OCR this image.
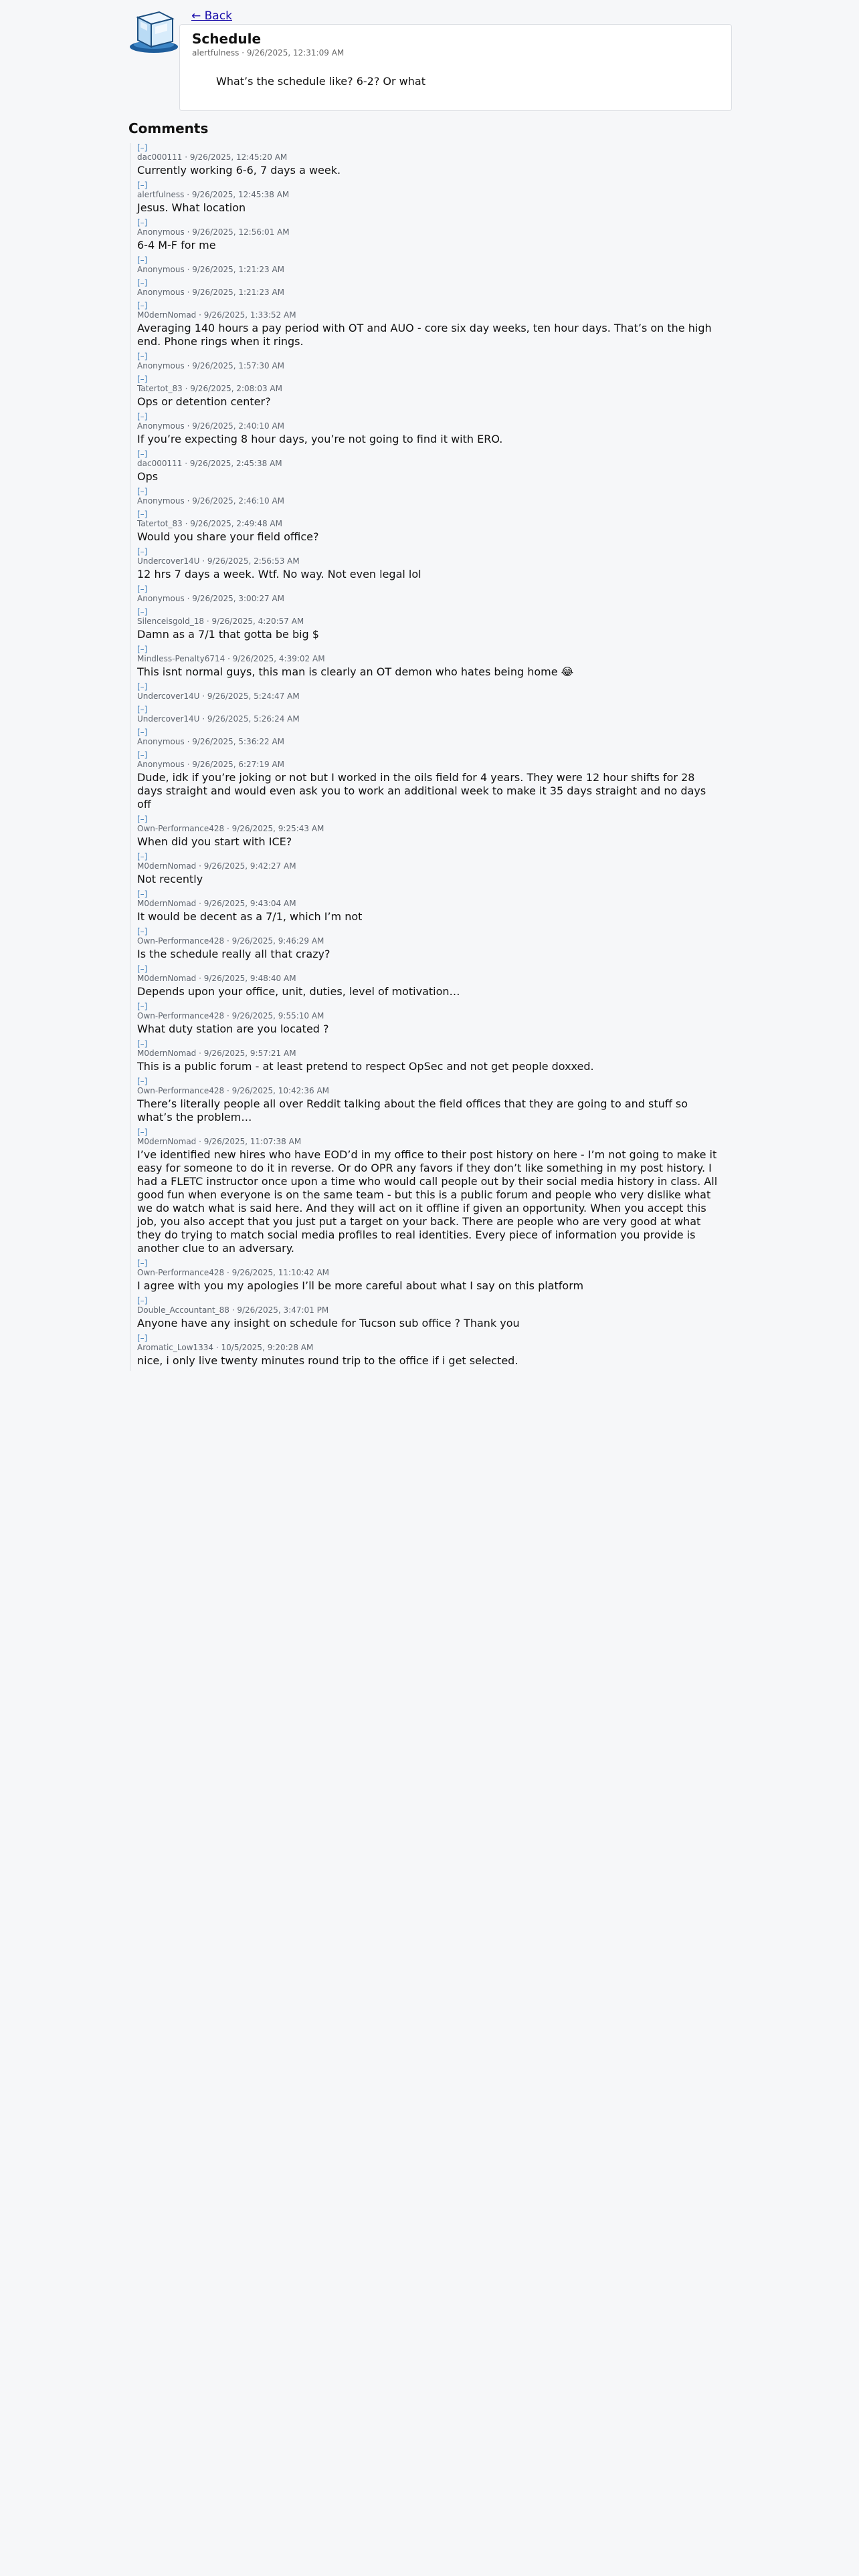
← Back
Schedule
alertfulness · 9/26/2025, 12:31:09 AM
What’s the schedule like? 6-2? Or what
Comments
[–]
dac000111 · 9/26/2025, 12:45:20 AM
Currently working 6-6, 7 days a week.
[–]
alertfulness · 9/26/2025, 12:45:38 AM
Jesus. What location
[–]
Anonymous · 9/26/2025, 12:56:01 AM
6-4 M-F for me
[–]
Anonymous · 9/26/2025, 1:21:23 AM
[–]
Anonymous · 9/26/2025, 1:21:23 AM
[–]
M0dernNomad · 9/26/2025, 1:33:52 AM
Averaging 140 hours a pay period with OT and AUO - core six day weeks, ten hour days. That’s on the high end. Phone rings when it rings.
[–]
Anonymous · 9/26/2025, 1:57:30 AM
[–]
Tatertot_83 · 9/26/2025, 2:08:03 AM
Ops or detention center?
[–]
Anonymous · 9/26/2025, 2:40:10 AM
If you’re expecting 8 hour days, you’re not going to find it with ERO.
[–]
dac000111 · 9/26/2025, 2:45:38 AM
Ops
[–]
Anonymous · 9/26/2025, 2:46:10 AM
[–]
Tatertot_83 · 9/26/2025, 2:49:48 AM
Would you share your field office?
[–]
Undercover14U · 9/26/2025, 2:56:53 AM
12 hrs 7 days a week. Wtf. No way. Not even legal lol
[–]
Anonymous · 9/26/2025, 3:00:27 AM
[–]
Silenceisgold_18 · 9/26/2025, 4:20:57 AM
Damn as a 7/1 that gotta be big $
[–]
Mindless-Penalty6714 · 9/26/2025, 4:39:02 AM
This isnt normal guys, this man is clearly an OT demon who hates being home 😂
[–]
Undercover14U · 9/26/2025, 5:24:47 AM
[–]
Undercover14U · 9/26/2025, 5:26:24 AM
[–]
Anonymous · 9/26/2025, 5:36:22 AM
[–]
Anonymous · 9/26/2025, 6:27:19 AM
Dude, idk if you’re joking or not but I worked in the oils field for 4 years. They were 12 hour shifts for 28 days straight and would even ask you to work an additional week to make it 35 days straight and no days off
[–]
Own-Performance428 · 9/26/2025, 9:25:43 AM
When did you start with ICE?
[–]
M0dernNomad · 9/26/2025, 9:42:27 AM
Not recently
[–]
M0dernNomad · 9/26/2025, 9:43:04 AM
It would be decent as a 7/1, which I’m not
[–]
Own-Performance428 · 9/26/2025, 9:46:29 AM
Is the schedule really all that crazy?
[–]
M0dernNomad · 9/26/2025, 9:48:40 AM
Depends upon your office, unit, duties, level of motivation…
[–]
Own-Performance428 · 9/26/2025, 9:55:10 AM
What duty station are you located ?
[–]
M0dernNomad · 9/26/2025, 9:57:21 AM
This is a public forum - at least pretend to respect OpSec and not get people doxxed.
[–]
Own-Performance428 · 9/26/2025, 10:42:36 AM
There’s literally people all over Reddit talking about the field offices that they are going to and stuff so what’s the problem…
[–]
M0dernNomad · 9/26/2025, 11:07:38 AM
I’ve identified new hires who have EOD’d in my office to their post history on here - I’m not going to make it easy for someone to do it in reverse. Or do OPR any favors if they don’t like something in my post history. I had a FLETC instructor once upon a time who would call people out by their social media history in class. All good fun when everyone is on the same team - but this is a public forum and people who very dislike what we do watch what is said here. And they will act on it offline if given an opportunity. When you accept this job, you also accept that you just put a target on your back. There are people who are very good at what they do trying to match social media profiles to real identities. Every piece of information you provide is another clue to an adversary.
[–]
Own-Performance428 · 9/26/2025, 11:10:42 AM
I agree with you my apologies I’ll be more careful about what I say on this platform
[–]
Double_Accountant_88 · 9/26/2025, 3:47:01 PM
Anyone have any insight on schedule for Tucson sub office ? Thank you
[–]
Aromatic_Low1334 · 10/5/2025, 9:20:28 AM
nice, i only live twenty minutes round trip to the office if i get selected.
